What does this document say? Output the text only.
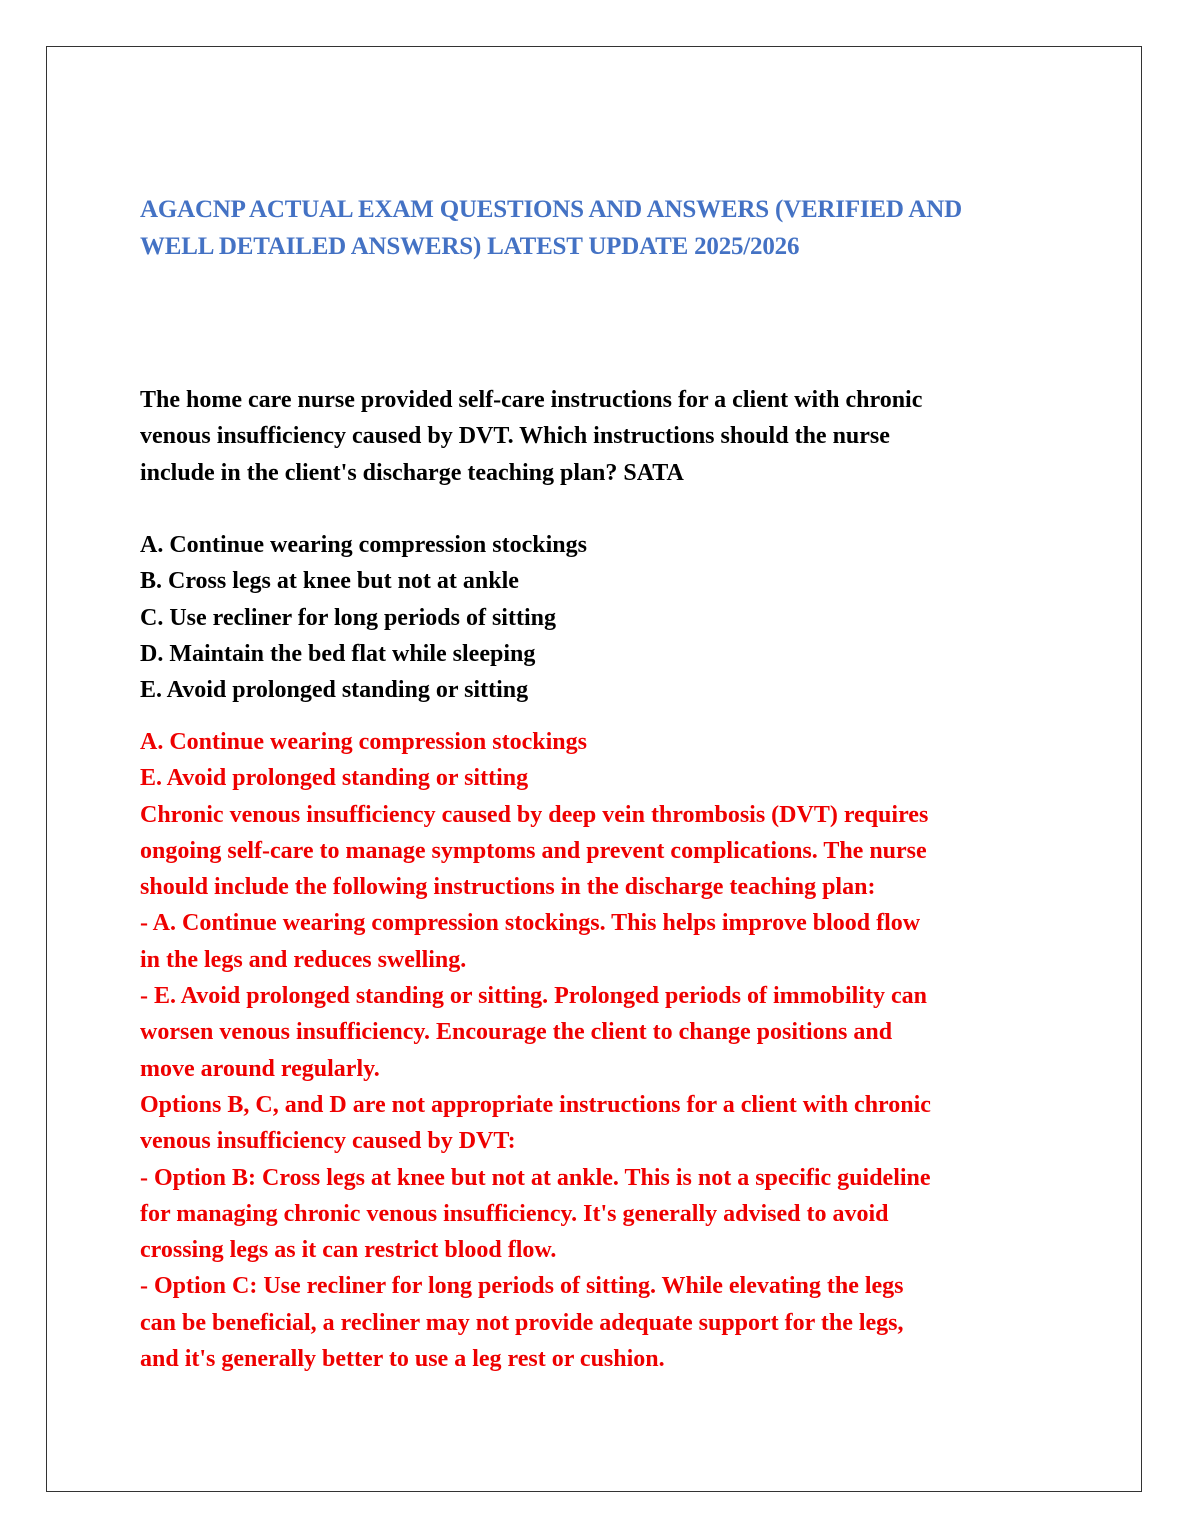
AGACNP ACTUAL EXAM QUESTIONS AND ANSWERS (VERIFIED AND
WELL DETAILED ANSWERS) LATEST UPDATE 2025/2026
The home care nurse provided self-care instructions for a client with chronic
venous insufficiency caused by DVT. Which instructions should the nurse
include in the client's discharge teaching plan? SATA
A. Continue wearing compression stockings
B. Cross legs at knee but not at ankle
C. Use recliner for long periods of sitting
D. Maintain the bed flat while sleeping
E. Avoid prolonged standing or sitting
A. Continue wearing compression stockings
E. Avoid prolonged standing or sitting
Chronic venous insufficiency caused by deep vein thrombosis (DVT) requires
ongoing self-care to manage symptoms and prevent complications. The nurse
should include the following instructions in the discharge teaching plan:
- A. Continue wearing compression stockings. This helps improve blood flow
in the legs and reduces swelling.
- E. Avoid prolonged standing or sitting. Prolonged periods of immobility can
worsen venous insufficiency. Encourage the client to change positions and
move around regularly.
Options B, C, and D are not appropriate instructions for a client with chronic
venous insufficiency caused by DVT:
- Option B: Cross legs at knee but not at ankle. This is not a specific guideline
for managing chronic venous insufficiency. It's generally advised to avoid
crossing legs as it can restrict blood flow.
- Option C: Use recliner for long periods of sitting. While elevating the legs
can be beneficial, a recliner may not provide adequate support for the legs,
and it's generally better to use a leg rest or cushion.
